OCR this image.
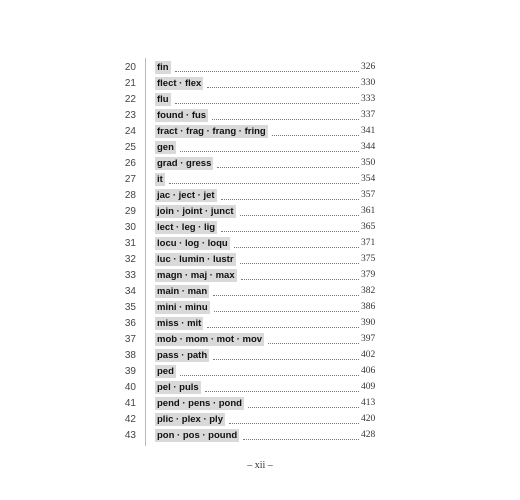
20 fin	326
21 flect · flex	330
22 flu	333
23 found · fus	337
24 fract · frag · frang · fring	341
25 gen	344
26 grad · gress	350
27 it	354
28 jac · ject · jet	357
29 join · joint · junct	361
30 lect · leg · lig	365
31 locu · log · loqu	371
32 luc · lumin · lustr	375
33 magn · maj · max	379
34 main · man	382
35 mini · minu	386
36 miss · mit	390
37 mob · mom · mot · mov	397
38 pass · path	402
39 ped	406
40 pel · puls	409
41 pend · pens · pond	413
42 plic · plex · ply	420
43 pon · pos · pound	428
– xii –
